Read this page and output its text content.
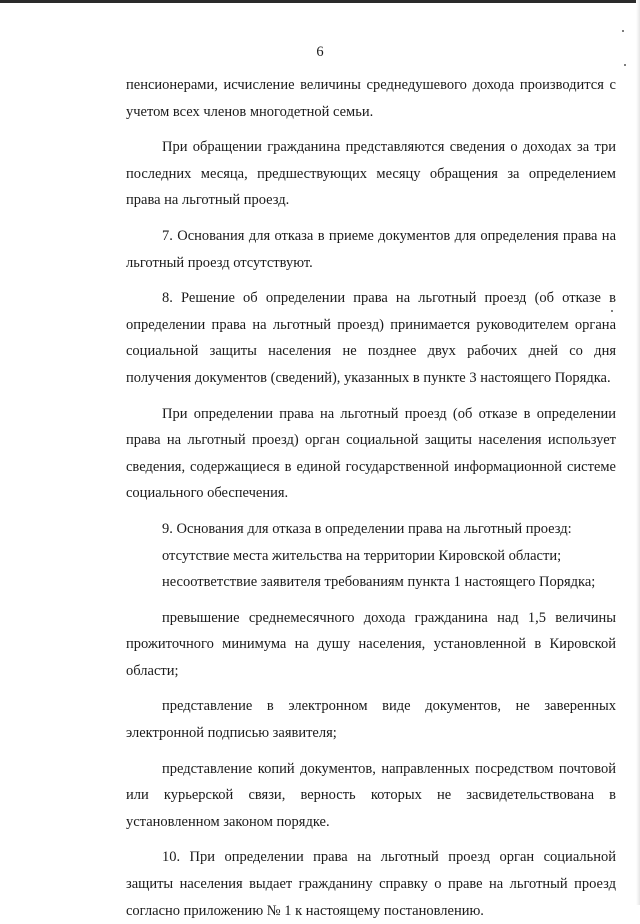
6

пенсионерами, исчисление величины среднедушевого дохода производится с учетом всех членов многодетной семьи.

При обращении гражданина представляются сведения о доходах за три последних месяца, предшествующих месяцу обращения за определением права на льготный проезд.

7. Основания для отказа в приеме документов для определения права на льготный проезд отсутствуют.

8. Решение об определении права на льготный проезд (об отказе в определении права на льготный проезд) принимается руководителем органа социальной защиты населения не позднее двух рабочих дней со дня получения документов (сведений), указанных в пункте 3 настоящего Порядка.

При определении права на льготный проезд (об отказе в определении права на льготный проезд) орган социальной защиты населения использует сведения, содержащиеся в единой государственной информационной системе социального обеспечения.

9. Основания для отказа в определении права на льготный проезд:

отсутствие места жительства на территории Кировской области;

несоответствие заявителя требованиям пункта 1 настоящего Порядка;

превышение среднемесячного дохода гражданина над 1,5 величины прожиточного минимума на душу населения, установленной в Кировской области;

представление в электронном виде документов, не заверенных электронной подписью заявителя;

представление копий документов, направленных посредством почтовой или курьерской связи, верность которых не засвидетельствована в установленном законом порядке.

10. При определении права на льготный проезд орган социальной защиты населения выдает гражданину справку о праве на льготный проезд согласно приложению № 1 к настоящему постановлению.
